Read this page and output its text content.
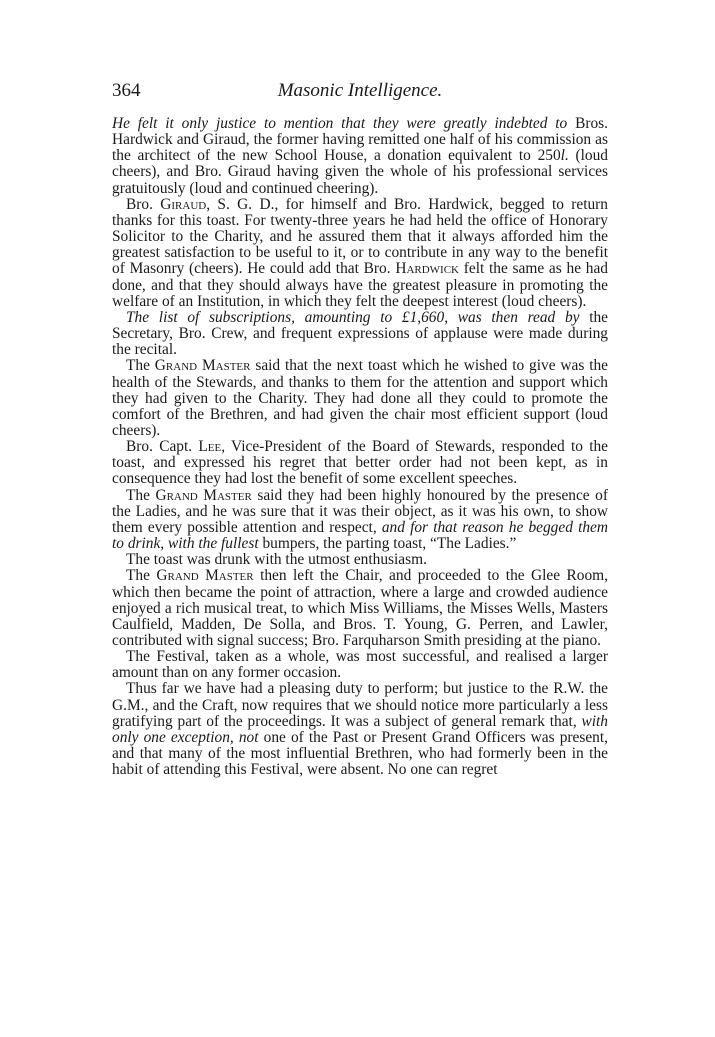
364	Masonic Intelligence.

He felt it only justice to mention that they were greatly indebted to Bros. Hardwick and Giraud, the former having remitted one half of his commission as the architect of the new School House, a donation equivalent to 250l. (loud cheers), and Bro. Giraud having given the whole of his professional services gratuitously (loud and continued cheering).

Bro. Giraud, S. G. D., for himself and Bro. Hardwick, begged to return thanks for this toast. For twenty-three years he had held the office of Honorary Solicitor to the Charity, and he assured them that it always afforded him the greatest satisfaction to be useful to it, or to contribute in any way to the benefit of Masonry (cheers). He could add that Bro. Hardwick felt the same as he had done, and that they should always have the greatest pleasure in promoting the welfare of an Institution, in which they felt the deepest interest (loud cheers).

The list of subscriptions, amounting to £1,660, was then read by the Secretary, Bro. Crew, and frequent expressions of applause were made during the recital.

The Grand Master said that the next toast which he wished to give was the health of the Stewards, and thanks to them for the attention and support which they had given to the Charity. They had done all they could to promote the comfort of the Brethren, and had given the chair most efficient support (loud cheers).

Bro. Capt. Lee, Vice-President of the Board of Stewards, responded to the toast, and expressed his regret that better order had not been kept, as in consequence they had lost the benefit of some excellent speeches.

The Grand Master said they had been highly honoured by the presence of the Ladies, and he was sure that it was their object, as it was his own, to show them every possible attention and respect, and for that reason he begged them to drink, with the fullest bumpers, the parting toast, “The Ladies.”

The toast was drunk with the utmost enthusiasm.

The Grand Master then left the Chair, and proceeded to the Glee Room, which then became the point of attraction, where a large and crowded audience enjoyed a rich musical treat, to which Miss Williams, the Misses Wells, Masters Caulfield, Madden, De Solla, and Bros. T. Young, G. Perren, and Lawler, contributed with signal success; Bro. Farquharson Smith presiding at the piano.

The Festival, taken as a whole, was most successful, and realised a larger amount than on any former occasion.

Thus far we have had a pleasing duty to perform; but justice to the R.W. the G.M., and the Craft, now requires that we should notice more particularly a less gratifying part of the proceedings. It was a subject of general remark that, with only one exception, not one of the Past or Present Grand Officers was present, and that many of the most influential Brethren, who had formerly been in the habit of attending this Festival, were absent. No one can regret
